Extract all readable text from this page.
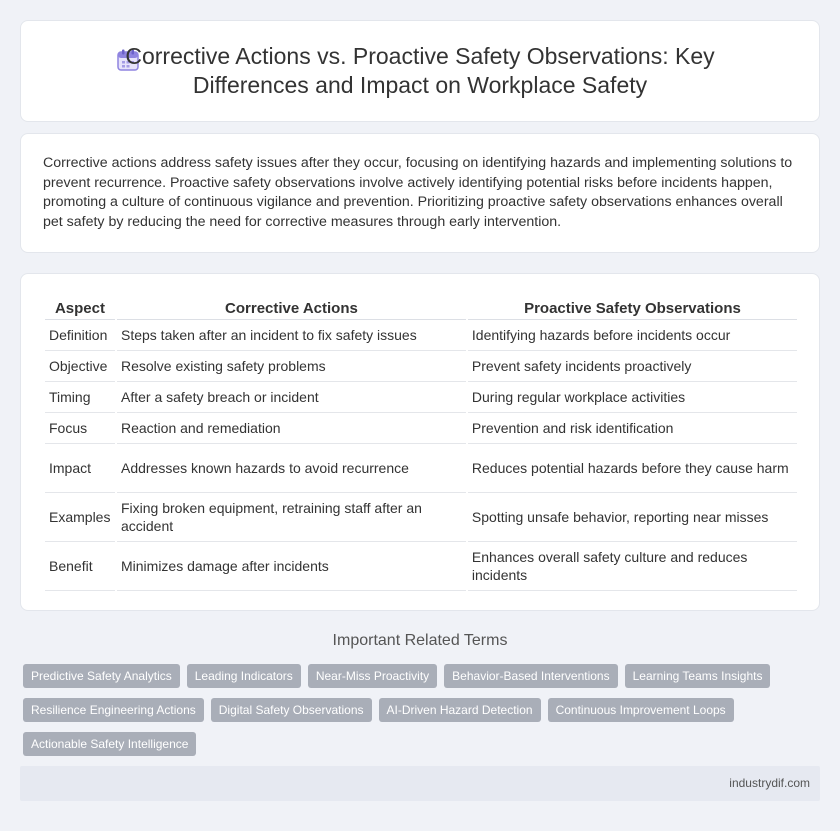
Corrective Actions vs. Proactive Safety Observations: Key Differences and Impact on Workplace Safety

Corrective actions address safety issues after they occur, focusing on identifying hazards and implementing solutions to prevent recurrence. Proactive safety observations involve actively identifying potential risks before incidents happen, promoting a culture of continuous vigilance and prevention. Prioritizing proactive safety observations enhances overall pet safety by reducing the need for corrective measures through early intervention.

Aspect	Corrective Actions	Proactive Safety Observations
Definition	Steps taken after an incident to fix safety issues	Identifying hazards before incidents occur
Objective	Resolve existing safety problems	Prevent safety incidents proactively
Timing	After a safety breach or incident	During regular workplace activities
Focus	Reaction and remediation	Prevention and risk identification
Impact	Addresses known hazards to avoid recurrence	Reduces potential hazards before they cause harm
Examples	Fixing broken equipment, retraining staff after an accident	Spotting unsafe behavior, reporting near misses
Benefit	Minimizes damage after incidents	Enhances overall safety culture and reduces incidents
Important Related Terms
Predictive Safety Analytics	Leading Indicators	Near-Miss Proactivity	Behavior-Based Interventions	Learning Teams Insights
Resilience Engineering Actions	Digital Safety Observations	AI-Driven Hazard Detection	Continuous Improvement Loops
Actionable Safety Intelligence
industrydif.com
